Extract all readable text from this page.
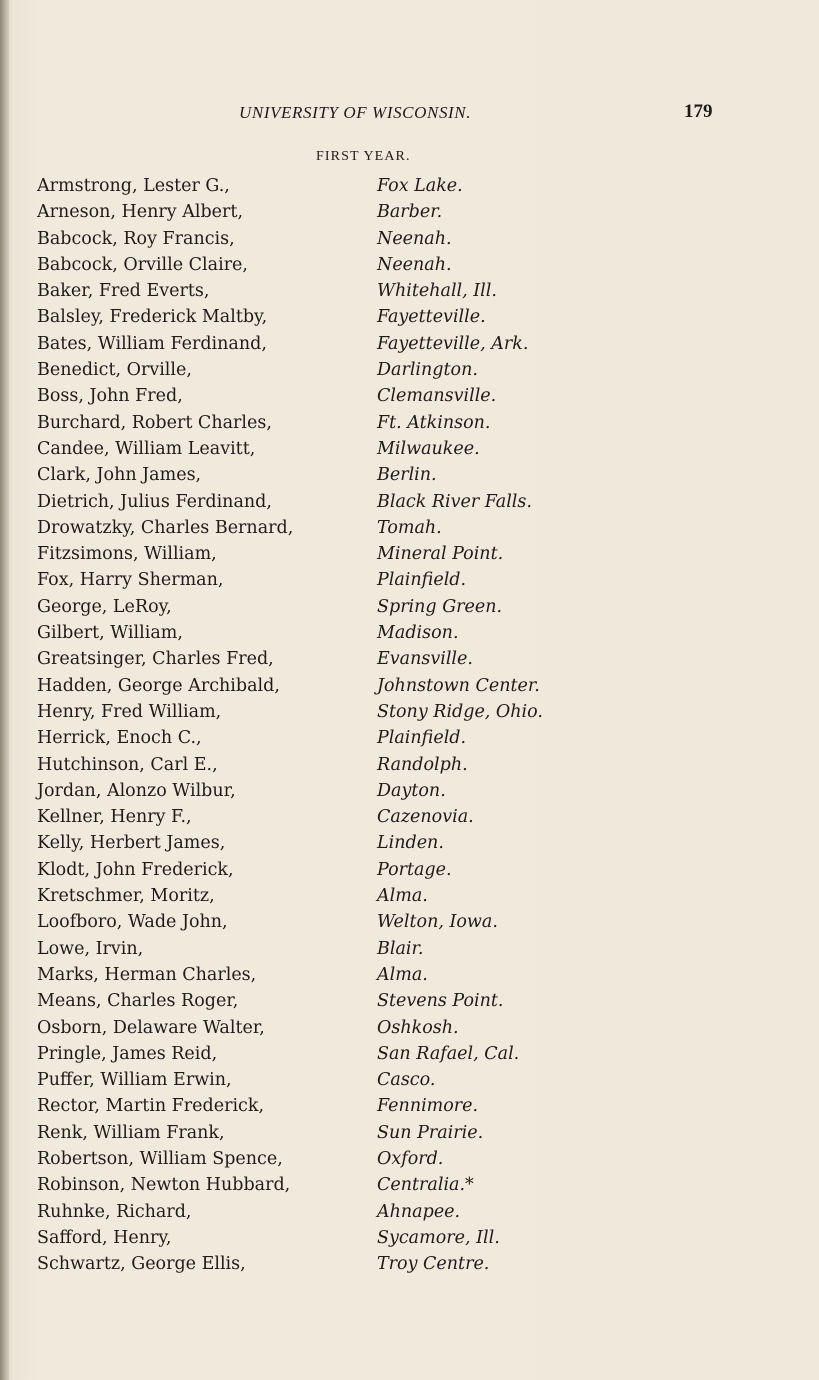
UNIVERSITY OF WISCONSIN.	179
FIRST YEAR.
Armstrong, Lester G.,	Fox Lake.
Arneson, Henry Albert,	Barber.
Babcock, Roy Francis,	Neenah.
Babcock, Orville Claire,	Neenah.
Baker, Fred Everts,	Whitehall, Ill.
Balsley, Frederick Maltby,	Fayetteville.
Bates, William Ferdinand,	Fayetteville, Ark.
Benedict, Orville,	Darlington.
Boss, John Fred,	Clemansville.
Burchard, Robert Charles,	Ft. Atkinson.
Candee, William Leavitt,	Milwaukee.
Clark, John James,	Berlin.
Dietrich, Julius Ferdinand,	Black River Falls.
Drowatzky, Charles Bernard,	Tomah.
Fitzsimons, William,	Mineral Point.
Fox, Harry Sherman,	Plainfield.
George, LeRoy,	Spring Green.
Gilbert, William,	Madison.
Greatsinger, Charles Fred,	Evansville.
Hadden, George Archibald,	Johnstown Center.
Henry, Fred William,	Stony Ridge, Ohio.
Herrick, Enoch C.,	Plainfield.
Hutchinson, Carl E.,	Randolph.
Jordan, Alonzo Wilbur,	Dayton.
Kellner, Henry F.,	Cazenovia.
Kelly, Herbert James,	Linden.
Klodt, John Frederick,	Portage.
Kretschmer, Moritz,	Alma.
Loofboro, Wade John,	Welton, Iowa.
Lowe, Irvin,	Blair.
Marks, Herman Charles,	Alma.
Means, Charles Roger,	Stevens Point.
Osborn, Delaware Walter,	Oshkosh.
Pringle, James Reid,	San Rafael, Cal.
Puffer, William Erwin,	Casco.
Rector, Martin Frederick,	Fennimore.
Renk, William Frank,	Sun Prairie.
Robertson, William Spence,	Oxford.
Robinson, Newton Hubbard,	Centralia.*
Ruhnke, Richard,	Ahnapee.
Safford, Henry,	Sycamore, Ill.
Schwartz, George Ellis,	Troy Centre.
